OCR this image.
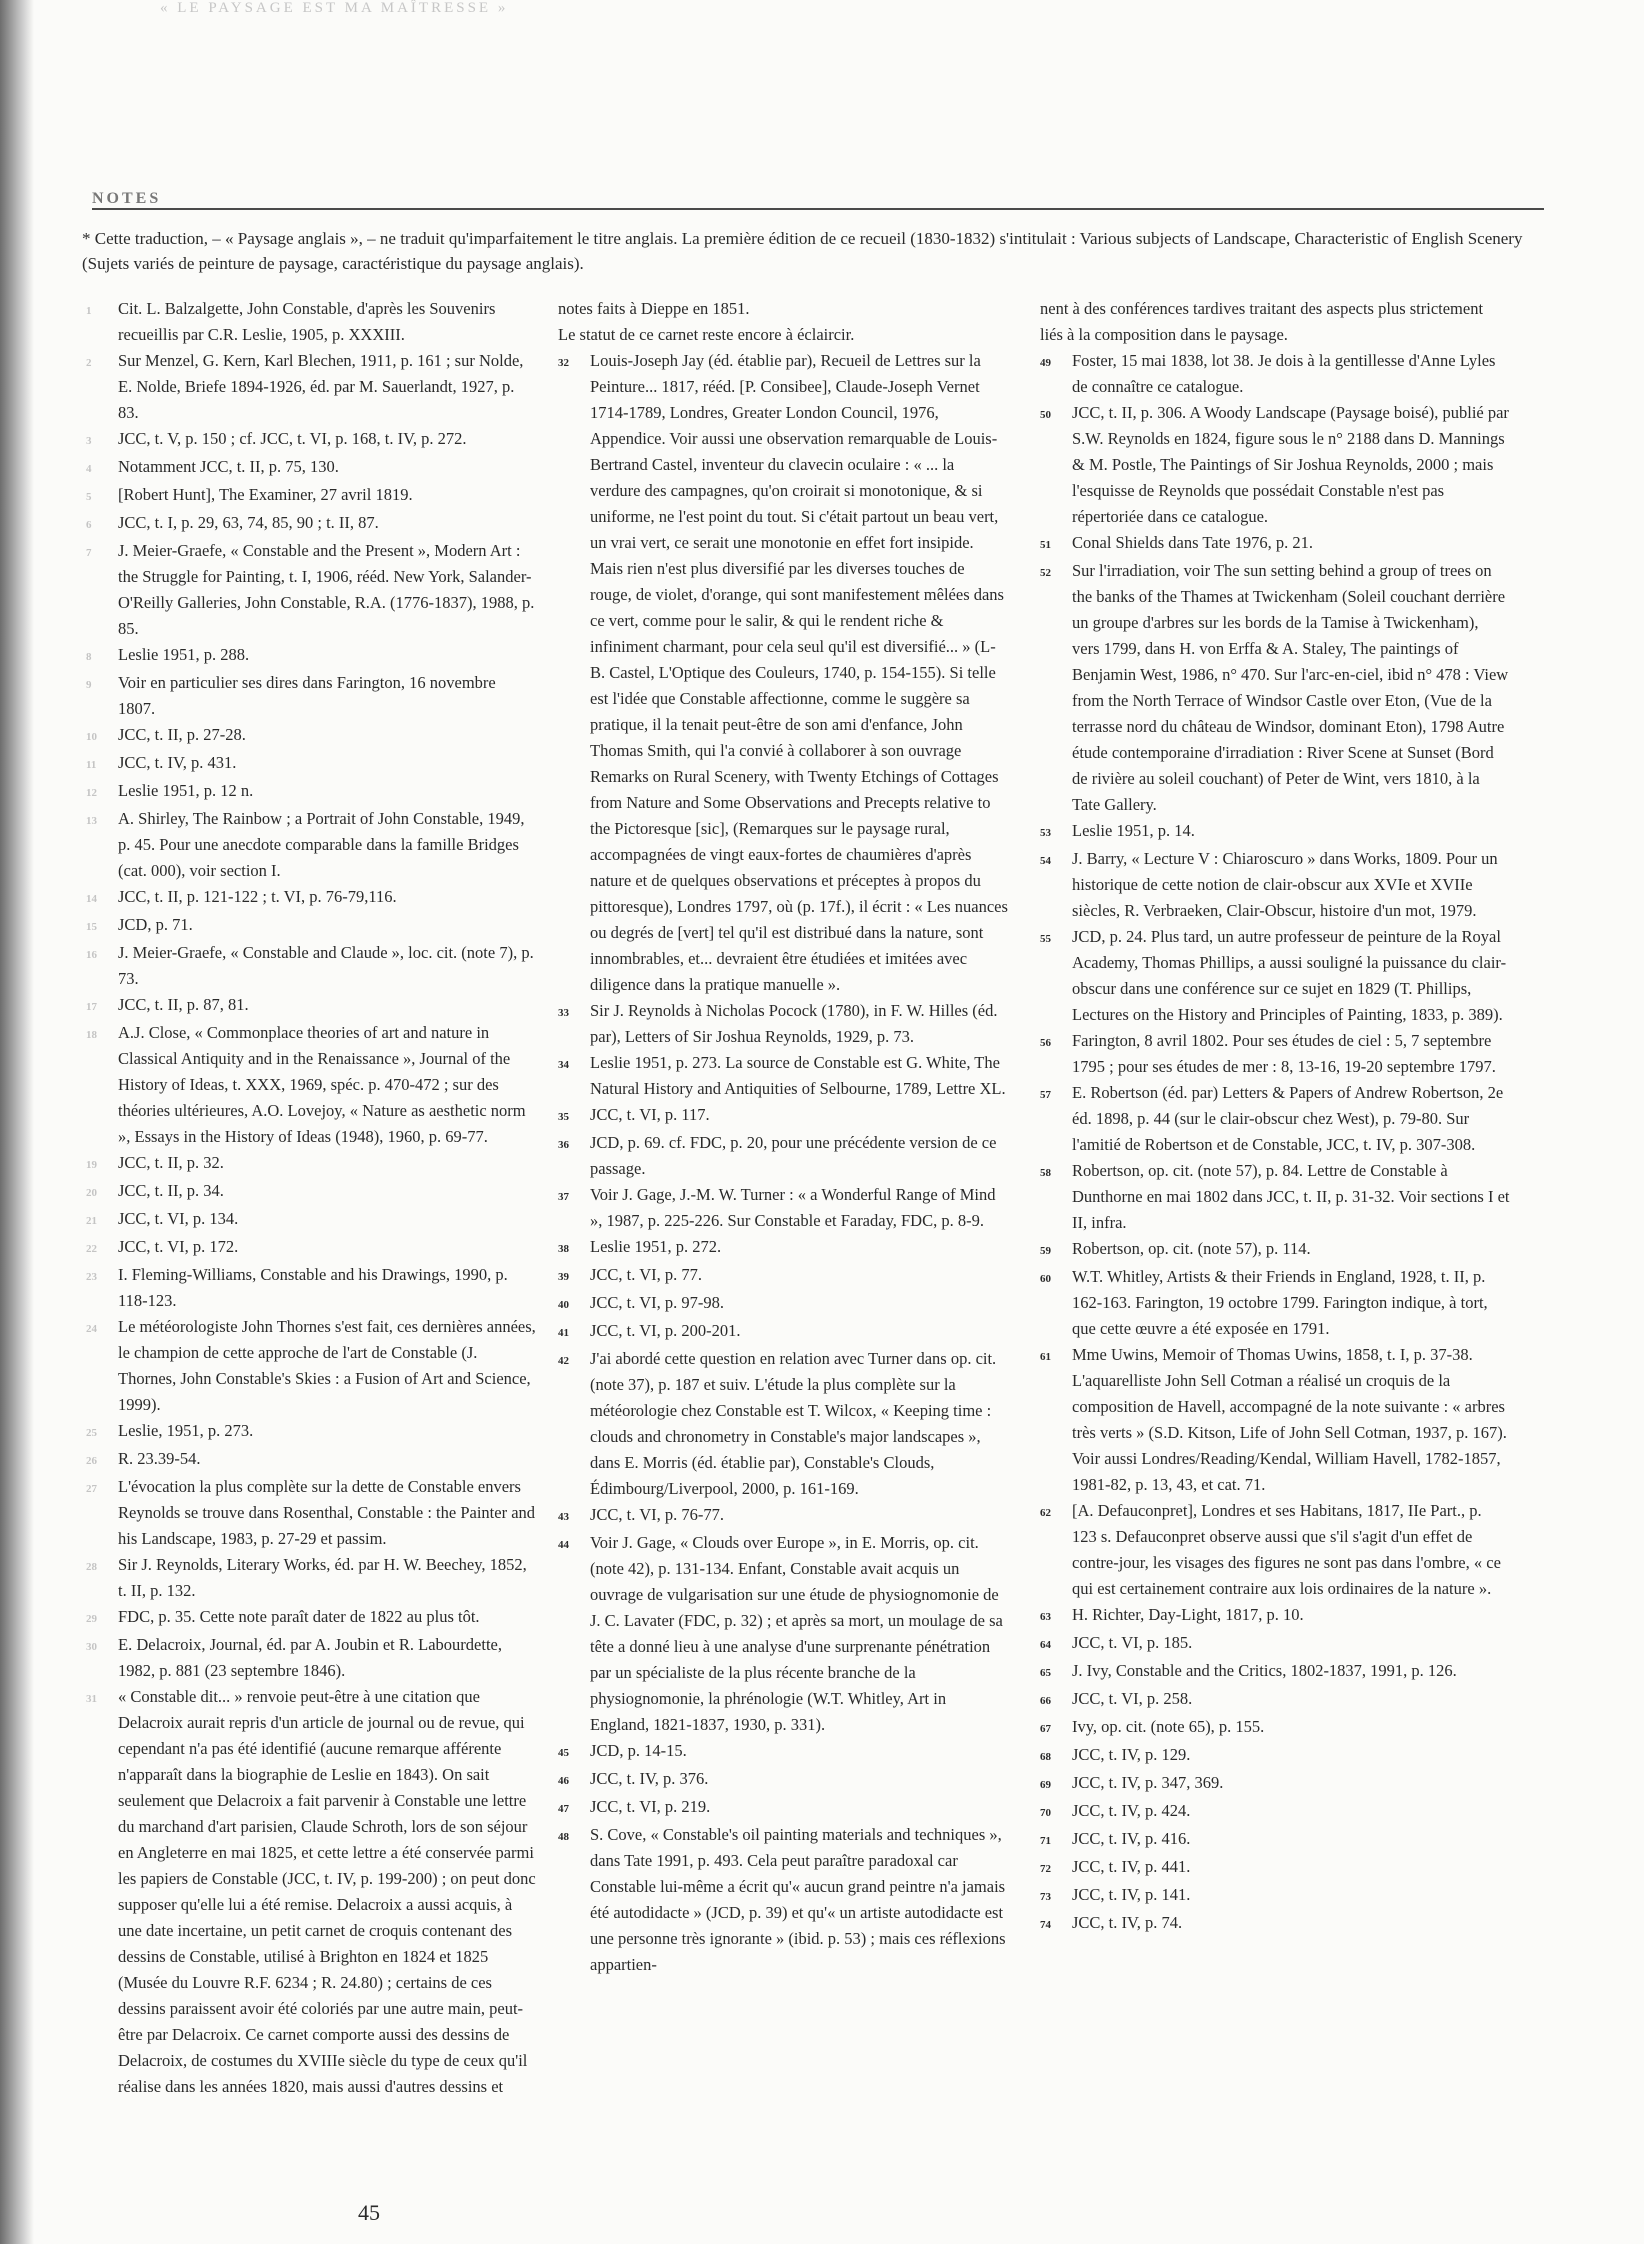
« LE PAYSAGE EST MA MAÎTRESSE »
NOTES
* Cette traduction, – « Paysage anglais », – ne traduit qu'imparfaitement le titre anglais. La première édition de ce recueil (1830-1832) s'intitulait : Various subjects of Landscape, Characteristic of English Scenery (Sujets variés de peinture de paysage, caractéristique du paysage anglais).
1	Cit. L. Balzalgette, John Constable, d'après les Souvenirs recueillis par C.R. Leslie, 1905, p. XXXIII.
2	Sur Menzel, G. Kern, Karl Blechen, 1911, p. 161 ; sur Nolde, E. Nolde, Briefe 1894-1926, éd. par M. Sauerlandt, 1927, p. 83.
3	JCC, t. V, p. 150 ; cf. JCC, t. VI, p. 168, t. IV, p. 272.
4	Notamment JCC, t. II, p. 75, 130.
5	[Robert Hunt], The Examiner, 27 avril 1819.
6	JCC, t. I, p. 29, 63, 74, 85, 90 ; t. II, 87.
7	J. Meier-Graefe, « Constable and the Present », Modern Art : the Struggle for Painting, t. I, 1906, rééd. New York, Salander-O'Reilly Galleries, John Constable, R.A. (1776-1837), 1988, p. 85.
8	Leslie 1951, p. 288.
9	Voir en particulier ses dires dans Farington, 16 novembre 1807.
10	JCC, t. II, p. 27-28.
11	JCC, t. IV, p. 431.
12	Leslie 1951, p. 12 n.
13	A. Shirley, The Rainbow ; a Portrait of John Constable, 1949, p. 45. Pour une anecdote comparable dans la famille Bridges (cat. 000), voir section I.
14	JCC, t. II, p. 121-122 ; t. VI, p. 76-79,116.
15	JCD, p. 71.
16	J. Meier-Graefe, « Constable and Claude », loc. cit. (note 7), p. 73.
17	JCC, t. II, p. 87, 81.
18	A.J. Close, « Commonplace theories of art and nature in Classical Antiquity and in the Renaissance », Journal of the History of Ideas, t. XXX, 1969, spéc. p. 470-472 ; sur des théories ultérieures, A.O. Lovejoy, « Nature as aesthetic norm », Essays in the History of Ideas (1948), 1960, p. 69-77.
19	JCC, t. II, p. 32.
20	JCC, t. II, p. 34.
21	JCC, t. VI, p. 134.
22	JCC, t. VI, p. 172.
23	I. Fleming-Williams, Constable and his Drawings, 1990, p. 118-123.
24	Le météorologiste John Thornes s'est fait, ces dernières années, le champion de cette approche de l'art de Constable (J. Thornes, John Constable's Skies : a Fusion of Art and Science, 1999).
25	Leslie, 1951, p. 273.
26	R. 23.39-54.
27	L'évocation la plus complète sur la dette de Constable envers Reynolds se trouve dans Rosenthal, Constable : the Painter and his Landscape, 1983, p. 27-29 et passim.
28	Sir J. Reynolds, Literary Works, éd. par H. W. Beechey, 1852, t. II, p. 132.
29	FDC, p. 35. Cette note paraît dater de 1822 au plus tôt.
30	E. Delacroix, Journal, éd. par A. Joubin et R. Labourdette, 1982, p. 881 (23 septembre 1846).
31	« Constable dit... » renvoie peut-être à une citation que Delacroix aurait repris d'un article de journal ou de revue, qui cependant n'a pas été identifié (aucune remarque afférente n'apparaît dans la biographie de Leslie en 1843). On sait seulement que Delacroix a fait parvenir à Constable une lettre du marchand d'art parisien, Claude Schroth, lors de son séjour en Angleterre en mai 1825, et cette lettre a été conservée parmi les papiers de Constable (JCC, t. IV, p. 199-200) ; on peut donc supposer qu'elle lui a été remise. Delacroix a aussi acquis, à une date incertaine, un petit carnet de croquis contenant des dessins de Constable, utilisé à Brighton en 1824 et 1825 (Musée du Louvre R.F. 6234 ; R. 24.80) ; certains de ces dessins paraissent avoir été coloriés par une autre main, peut-être par Delacroix. Ce carnet comporte aussi des dessins de Delacroix, de costumes du XVIIIe siècle du type de ceux qu'il réalise dans les années 1820, mais aussi d'autres dessins et

notes faits à Dieppe en 1851.

Le statut de ce carnet reste encore à éclaircir.

32	Louis-Joseph Jay (éd. établie par), Recueil de Lettres sur la Peinture... 1817, rééd. [P. Consibee], Claude-Joseph Vernet 1714-1789, Londres, Greater London Council, 1976, Appendice. Voir aussi une observation remarquable de Louis-Bertrand Castel, inventeur du clavecin oculaire : « ... la verdure des campagnes, qu'on croirait si monotonique, & si uniforme, ne l'est point du tout. Si c'était partout un beau vert, un vrai vert, ce serait une monotonie en effet fort insipide. Mais rien n'est plus diversifié par les diverses touches de rouge, de violet, d'orange, qui sont manifestement mêlées dans ce vert, comme pour le salir, & qui le rendent riche & infiniment charmant, pour cela seul qu'il est diversifié... » (L-B. Castel, L'Optique des Couleurs, 1740, p. 154-155). Si telle est l'idée que Constable affectionne, comme le suggère sa pratique, il la tenait peut-être de son ami d'enfance, John Thomas Smith, qui l'a convié à collaborer à son ouvrage Remarks on Rural Scenery, with Twenty Etchings of Cottages from Nature and Some Observations and Precepts relative to the Pictoresque [sic], (Remarques sur le paysage rural, accompagnées de vingt eaux-fortes de chaumières d'après nature et de quelques observations et préceptes à propos du pittoresque), Londres 1797, où (p. 17f.), il écrit : « Les nuances ou degrés de [vert] tel qu'il est distribué dans la nature, sont innombrables, et... devraient être étudiées et imitées avec diligence dans la pratique manuelle ».
33	Sir J. Reynolds à Nicholas Pocock (1780), in F. W. Hilles (éd. par), Letters of Sir Joshua Reynolds, 1929, p. 73.
34	Leslie 1951, p. 273. La source de Constable est G. White, The Natural History and Antiquities of Selbourne, 1789, Lettre XL.
35	JCC, t. VI, p. 117.
36	JCD, p. 69. cf. FDC, p. 20, pour une précédente version de ce passage.
37	Voir J. Gage, J.-M. W. Turner : « a Wonderful Range of Mind », 1987, p. 225-226. Sur Constable et Faraday, FDC, p. 8-9.
38	Leslie 1951, p. 272.
39	JCC, t. VI, p. 77.
40	JCC, t. VI, p. 97-98.
41	JCC, t. VI, p. 200-201.
42	J'ai abordé cette question en relation avec Turner dans op. cit. (note 37), p. 187 et suiv. L'étude la plus complète sur la météorologie chez Constable est T. Wilcox, « Keeping time : clouds and chronometry in Constable's major landscapes », dans E. Morris (éd. établie par), Constable's Clouds, Édimbourg/Liverpool, 2000, p. 161-169.
43	JCC, t. VI, p. 76-77.
44	Voir J. Gage, « Clouds over Europe », in E. Morris, op. cit. (note 42), p. 131-134. Enfant, Constable avait acquis un ouvrage de vulgarisation sur une étude de physiognomonie de J. C. Lavater (FDC, p. 32) ; et après sa mort, un moulage de sa tête a donné lieu à une analyse d'une surprenante pénétration par un spécialiste de la plus récente branche de la physiognomonie, la phrénologie (W.T. Whitley, Art in England, 1821-1837, 1930, p. 331).
45	JCD, p. 14-15.
46	JCC, t. IV, p. 376.
47	JCC, t. VI, p. 219.
48	S. Cove, « Constable's oil painting materials and techniques », dans Tate 1991, p. 493. Cela peut paraître paradoxal car Constable lui-même a écrit qu'« aucun grand peintre n'a jamais été autodidacte » (JCD, p. 39) et qu'« un artiste autodidacte est une personne très ignorante » (ibid. p. 53) ; mais ces réflexions appartien-

nent à des conférences tardives traitant des aspects plus strictement liés à la composition dans le paysage.

49	Foster, 15 mai 1838, lot 38. Je dois à la gentillesse d'Anne Lyles de connaître ce catalogue.
50	JCC, t. II, p. 306. A Woody Landscape (Paysage boisé), publié par S.W. Reynolds en 1824, figure sous le n° 2188 dans D. Mannings & M. Postle, The Paintings of Sir Joshua Reynolds, 2000 ; mais l'esquisse de Reynolds que possédait Constable n'est pas répertoriée dans ce catalogue.
51	Conal Shields dans Tate 1976, p. 21.
52	Sur l'irradiation, voir The sun setting behind a group of trees on the banks of the Thames at Twickenham (Soleil couchant derrière un groupe d'arbres sur les bords de la Tamise à Twickenham), vers 1799, dans H. von Erffa & A. Staley, The paintings of Benjamin West, 1986, n° 470. Sur l'arc-en-ciel, ibid n° 478 : View from the North Terrace of Windsor Castle over Eton, (Vue de la terrasse nord du château de Windsor, dominant Eton), 1798 Autre étude contemporaine d'irradiation : River Scene at Sunset (Bord de rivière au soleil couchant) of Peter de Wint, vers 1810, à la Tate Gallery.
53	Leslie 1951, p. 14.
54	J. Barry, « Lecture V : Chiaroscuro » dans Works, 1809. Pour un historique de cette notion de clair-obscur aux XVIe et XVIIe siècles, R. Verbraeken, Clair-Obscur, histoire d'un mot, 1979.
55	JCD, p. 24. Plus tard, un autre professeur de peinture de la Royal Academy, Thomas Phillips, a aussi souligné la puissance du clair-obscur dans une conférence sur ce sujet en 1829 (T. Phillips, Lectures on the History and Principles of Painting, 1833, p. 389).
56	Farington, 8 avril 1802. Pour ses études de ciel : 5, 7 septembre 1795 ; pour ses études de mer : 8, 13-16, 19-20 septembre 1797.
57	E. Robertson (éd. par) Letters & Papers of Andrew Robertson, 2e éd. 1898, p. 44 (sur le clair-obscur chez West), p. 79-80. Sur l'amitié de Robertson et de Constable, JCC, t. IV, p. 307-308.
58	Robertson, op. cit. (note 57), p. 84. Lettre de Constable à Dunthorne en mai 1802 dans JCC, t. II, p. 31-32. Voir sections I et II, infra.
59	Robertson, op. cit. (note 57), p. 114.
60	W.T. Whitley, Artists & their Friends in England, 1928, t. II, p. 162-163. Farington, 19 octobre 1799. Farington indique, à tort, que cette œuvre a été exposée en 1791.
61	Mme Uwins, Memoir of Thomas Uwins, 1858, t. I, p. 37-38. L'aquarelliste John Sell Cotman a réalisé un croquis de la composition de Havell, accompagné de la note suivante : « arbres très verts » (S.D. Kitson, Life of John Sell Cotman, 1937, p. 167). Voir aussi Londres/Reading/Kendal, William Havell, 1782-1857, 1981-82, p. 13, 43, et cat. 71.
62	[A. Defauconpret], Londres et ses Habitans, 1817, IIe Part., p. 123 s. Defauconpret observe aussi que s'il s'agit d'un effet de contre-jour, les visages des figures ne sont pas dans l'ombre, « ce qui est certainement contraire aux lois ordinaires de la nature ».
63	H. Richter, Day-Light, 1817, p. 10.
64	JCC, t. VI, p. 185.
65	J. Ivy, Constable and the Critics, 1802-1837, 1991, p. 126.
66	JCC, t. VI, p. 258.
67	Ivy, op. cit. (note 65), p. 155.
68	JCC, t. IV, p. 129.
69	JCC, t. IV, p. 347, 369.
70	JCC, t. IV, p. 424.
71	JCC, t. IV, p. 416.
72	JCC, t. IV, p. 441.
73	JCC, t. IV, p. 141.
74	JCC, t. IV, p. 74.
45
